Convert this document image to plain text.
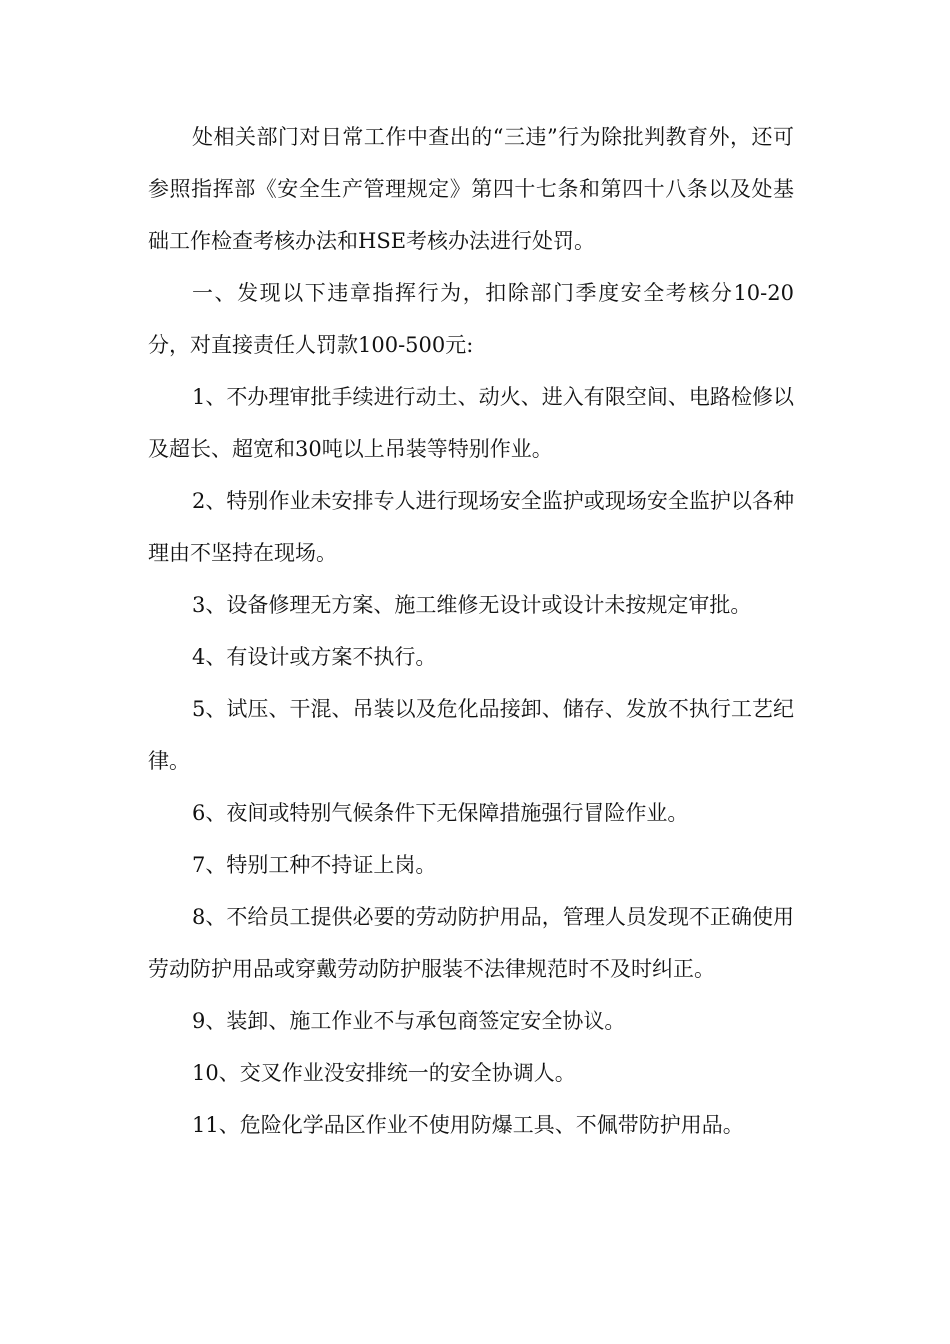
处相关部门对日常工作中查出的“三违”行为除批判教育外，还可参照指挥部《安全生产管理规定》第四十七条和第四十八条以及处基础工作检查考核办法和HSE考核办法进行处罚。

一、发现以下违章指挥行为，扣除部门季度安全考核分10-20分，对直接责任人罚款100-500元:

1、不办理审批手续进行动土、动火、进入有限空间、电路检修以及超长、超宽和30吨以上吊装等特别作业。

2、特别作业未安排专人进行现场安全监护或现场安全监护以各种理由不坚持在现场。

3、设备修理无方案、施工维修无设计或设计未按规定审批。

4、有设计或方案不执行。

5、试压、干混、吊装以及危化品接卸、储存、发放不执行工艺纪律。

6、夜间或特别气候条件下无保障措施强行冒险作业。

7、特别工种不持证上岗。

8、不给员工提供必要的劳动防护用品，管理人员发现不正确使用劳动防护用品或穿戴劳动防护服装不法律规范时不及时纠正。

9、装卸、施工作业不与承包商签定安全协议。

10、交叉作业没安排统一的安全协调人。

11、危险化学品区作业不使用防爆工具、不佩带防护用品。
